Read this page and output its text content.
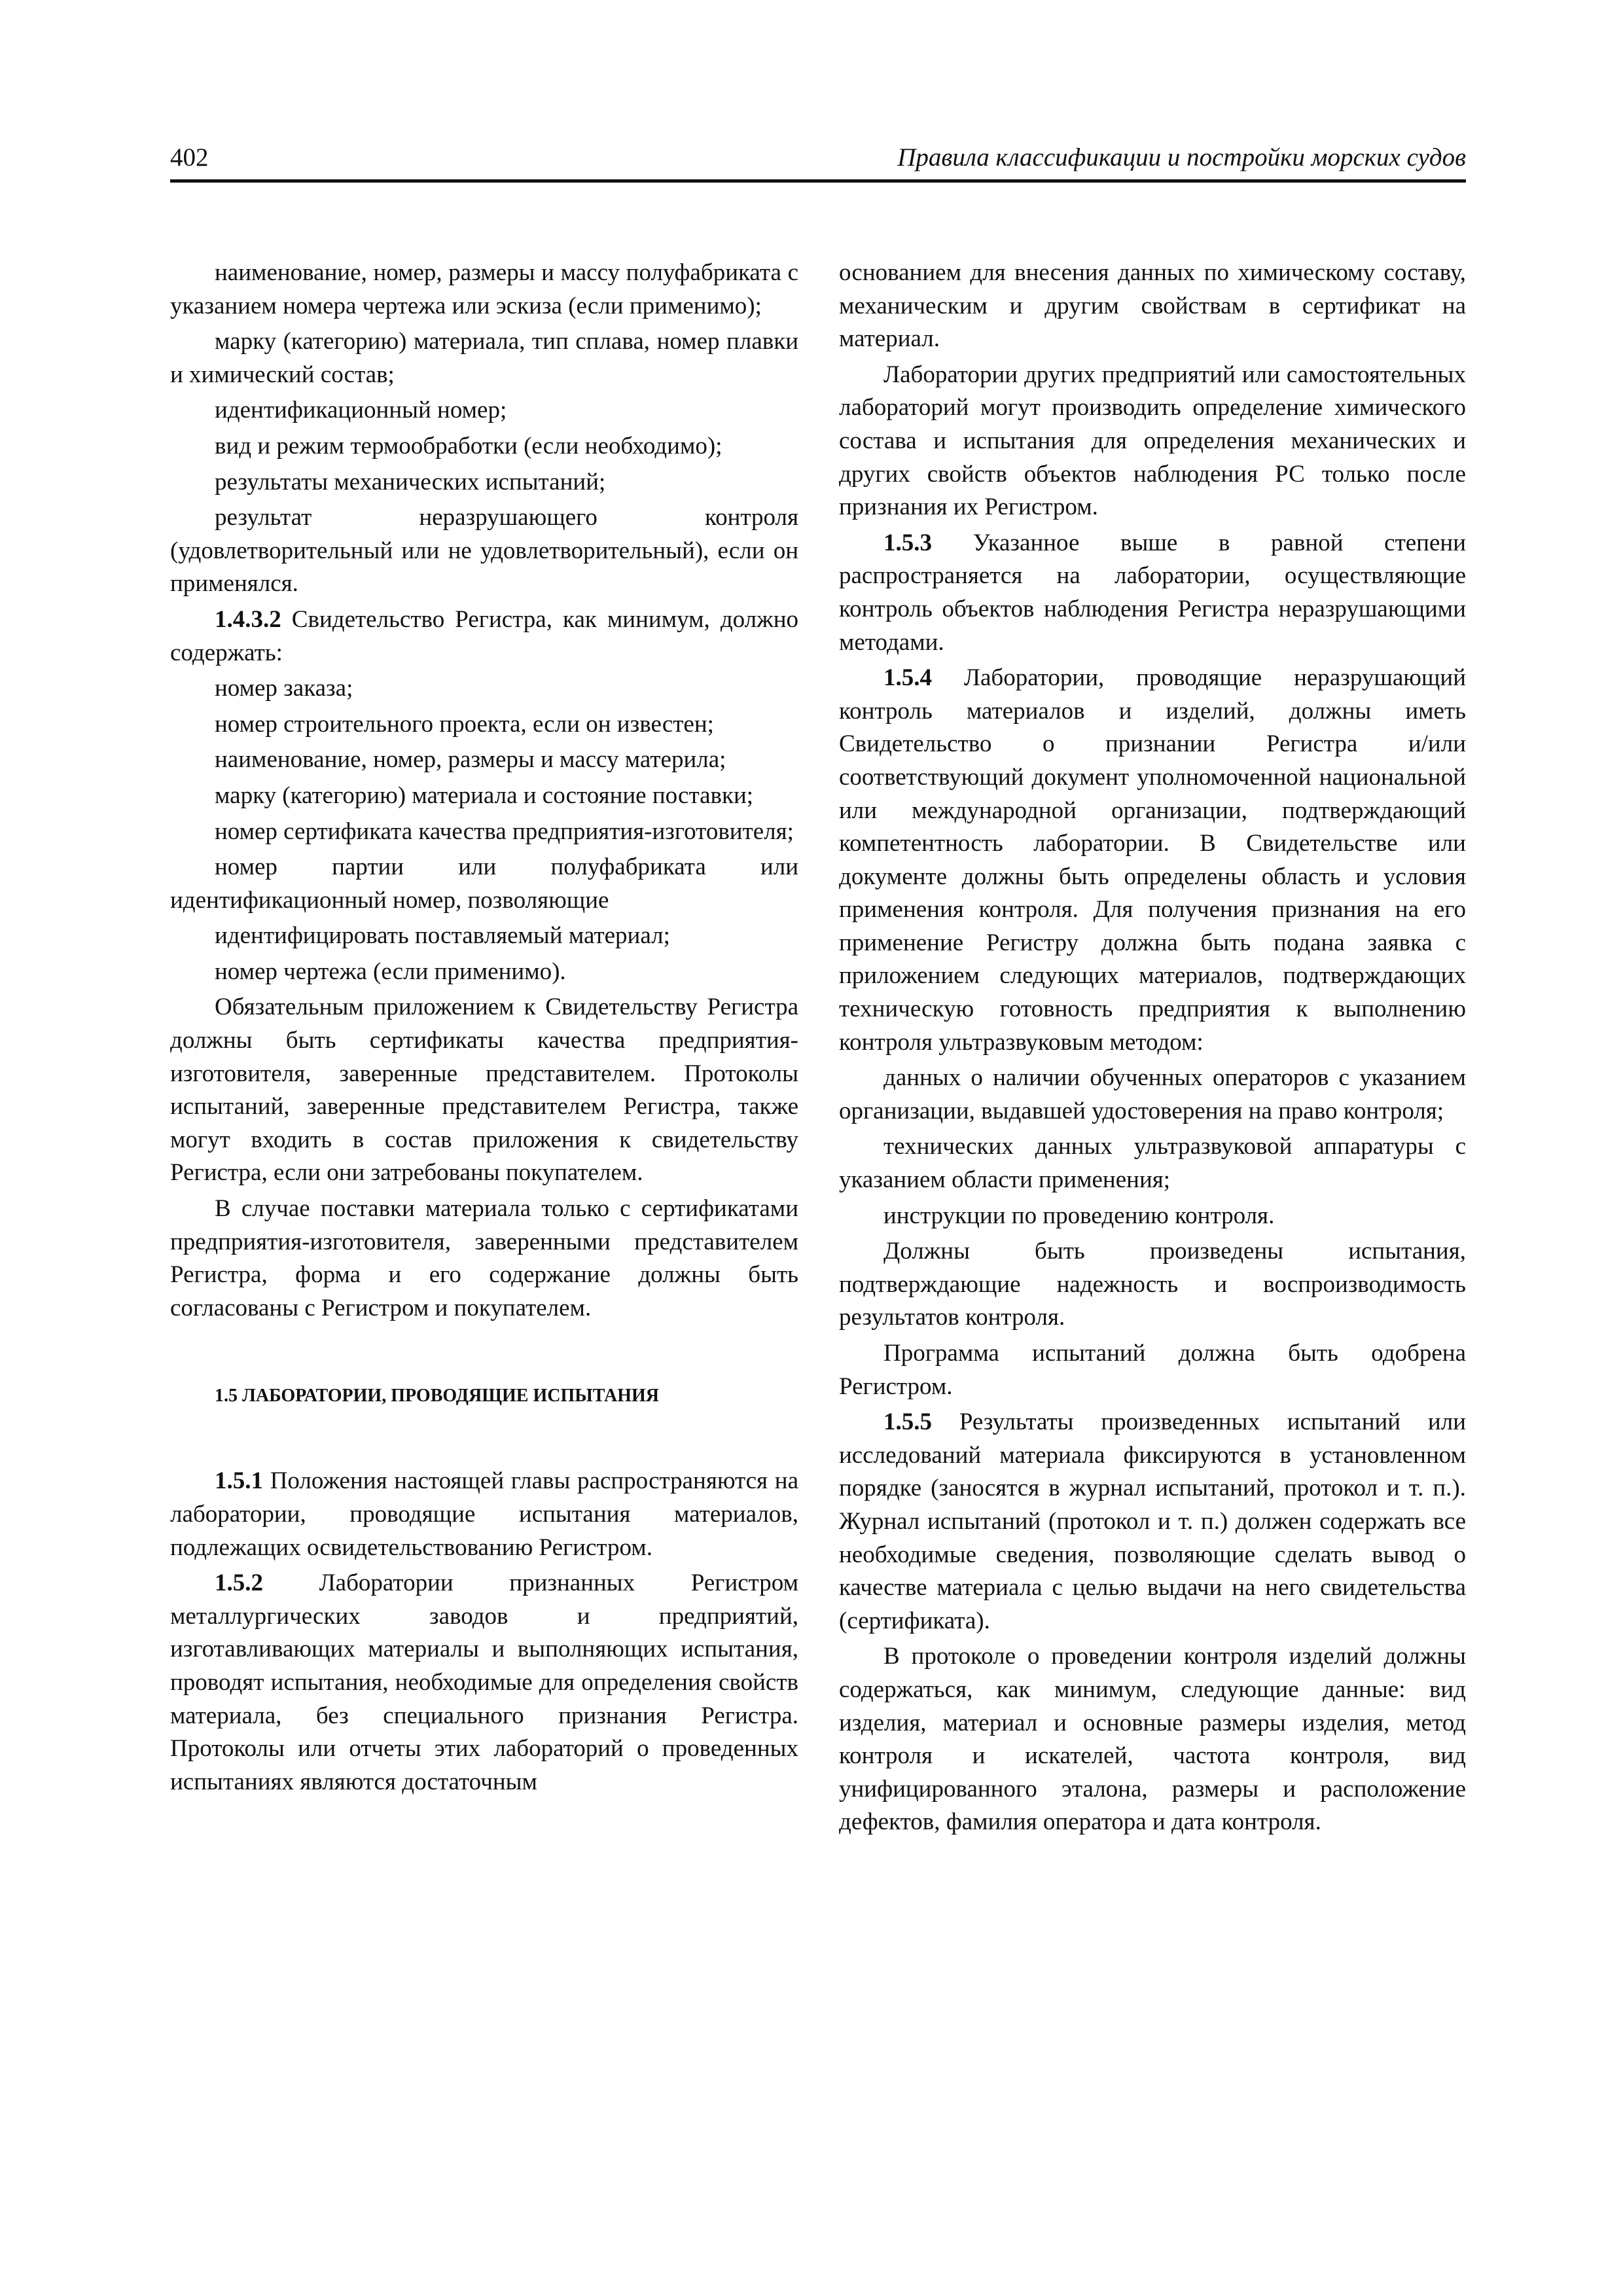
402	Правила классификации и постройки морских судов

наименование, номер, размеры и массу полуфабриката с указанием номера чертежа или эскиза (если применимо);

марку (категорию) материала, тип сплава, номер плавки и химический состав;

идентификационный номер;

вид и режим термообработки (если необходимо);

результаты механических испытаний;

результат неразрушающего контроля (удовлетворительный или не удовлетворительный), если он применялся.

1.4.3.2 Свидетельство Регистра, как минимум, должно содержать:

номер заказа;

номер строительного проекта, если он известен;

наименование, номер, размеры и массу материла;

марку (категорию) материала и состояние поставки;

номер сертификата качества предприятия-изготовителя;

номер партии или полуфабриката или идентификационный номер, позволяющие

идентифицировать поставляемый материал;

номер чертежа (если применимо).

Обязательным приложением к Свидетельству Регистра должны быть сертификаты качества предприятия-изготовителя, заверенные представителем. Протоколы испытаний, заверенные представителем Регистра, также могут входить в состав приложения к свидетельству Регистра, если они затребованы покупателем.

В случае поставки материала только с сертификатами предприятия-изготовителя, заверенными представителем Регистра, форма и его содержание должны быть согласованы с Регистром и покупателем.

1.5 ЛАБОРАТОРИИ, ПРОВОДЯЩИЕ ИСПЫТАНИЯ

1.5.1 Положения настоящей главы распространяются на лаборатории, проводящие испытания материалов, подлежащих освидетельствованию Регистром.

1.5.2 Лаборатории признанных Регистром металлургических заводов и предприятий, изготавливающих материалы и выполняющих испытания, проводят испытания, необходимые для определения свойств материала, без специального признания Регистра. Протоколы или отчеты этих лабораторий о проведенных испытаниях являются достаточным

основанием для внесения данных по химическому составу, механическим и другим свойствам в сертификат на материал.

Лаборатории других предприятий или самостоятельных лабораторий могут производить определение химического состава и испытания для определения механических и других свойств объектов наблюдения РС только после признания их Регистром.

1.5.3 Указанное выше в равной степени распространяется на лаборатории, осуществляющие контроль объектов наблюдения Регистра неразрушающими методами.

1.5.4 Лаборатории, проводящие неразрушающий контроль материалов и изделий, должны иметь Свидетельство о признании Регистра и/или соответствующий документ уполномоченной национальной или международной организации, подтверждающий компетентность лаборатории. В Свидетельстве или документе должны быть определены область и условия применения контроля. Для получения признания на его применение Регистру должна быть подана заявка с приложением следующих материалов, подтверждающих техническую готовность предприятия к выполнению контроля ультразвуковым методом:

данных о наличии обученных операторов с указанием организации, выдавшей удостоверения на право контроля;

технических данных ультразвуковой аппаратуры с указанием области применения;

инструкции по проведению контроля.

Должны быть произведены испытания, подтверждающие надежность и воспроизводимость результатов контроля.

Программа испытаний должна быть одобрена Регистром.

1.5.5 Результаты произведенных испытаний или исследований материала фиксируются в установленном порядке (заносятся в журнал испытаний, протокол и т. п.). Журнал испытаний (протокол и т. п.) должен содержать все необходимые сведения, позволяющие сделать вывод о качестве материала с целью выдачи на него свидетельства (сертификата).

В протоколе о проведении контроля изделий должны содержаться, как минимум, следующие данные: вид изделия, материал и основные размеры изделия, метод контроля и искателей, частота контроля, вид унифицированного эталона, размеры и расположение дефектов, фамилия оператора и дата контроля.
